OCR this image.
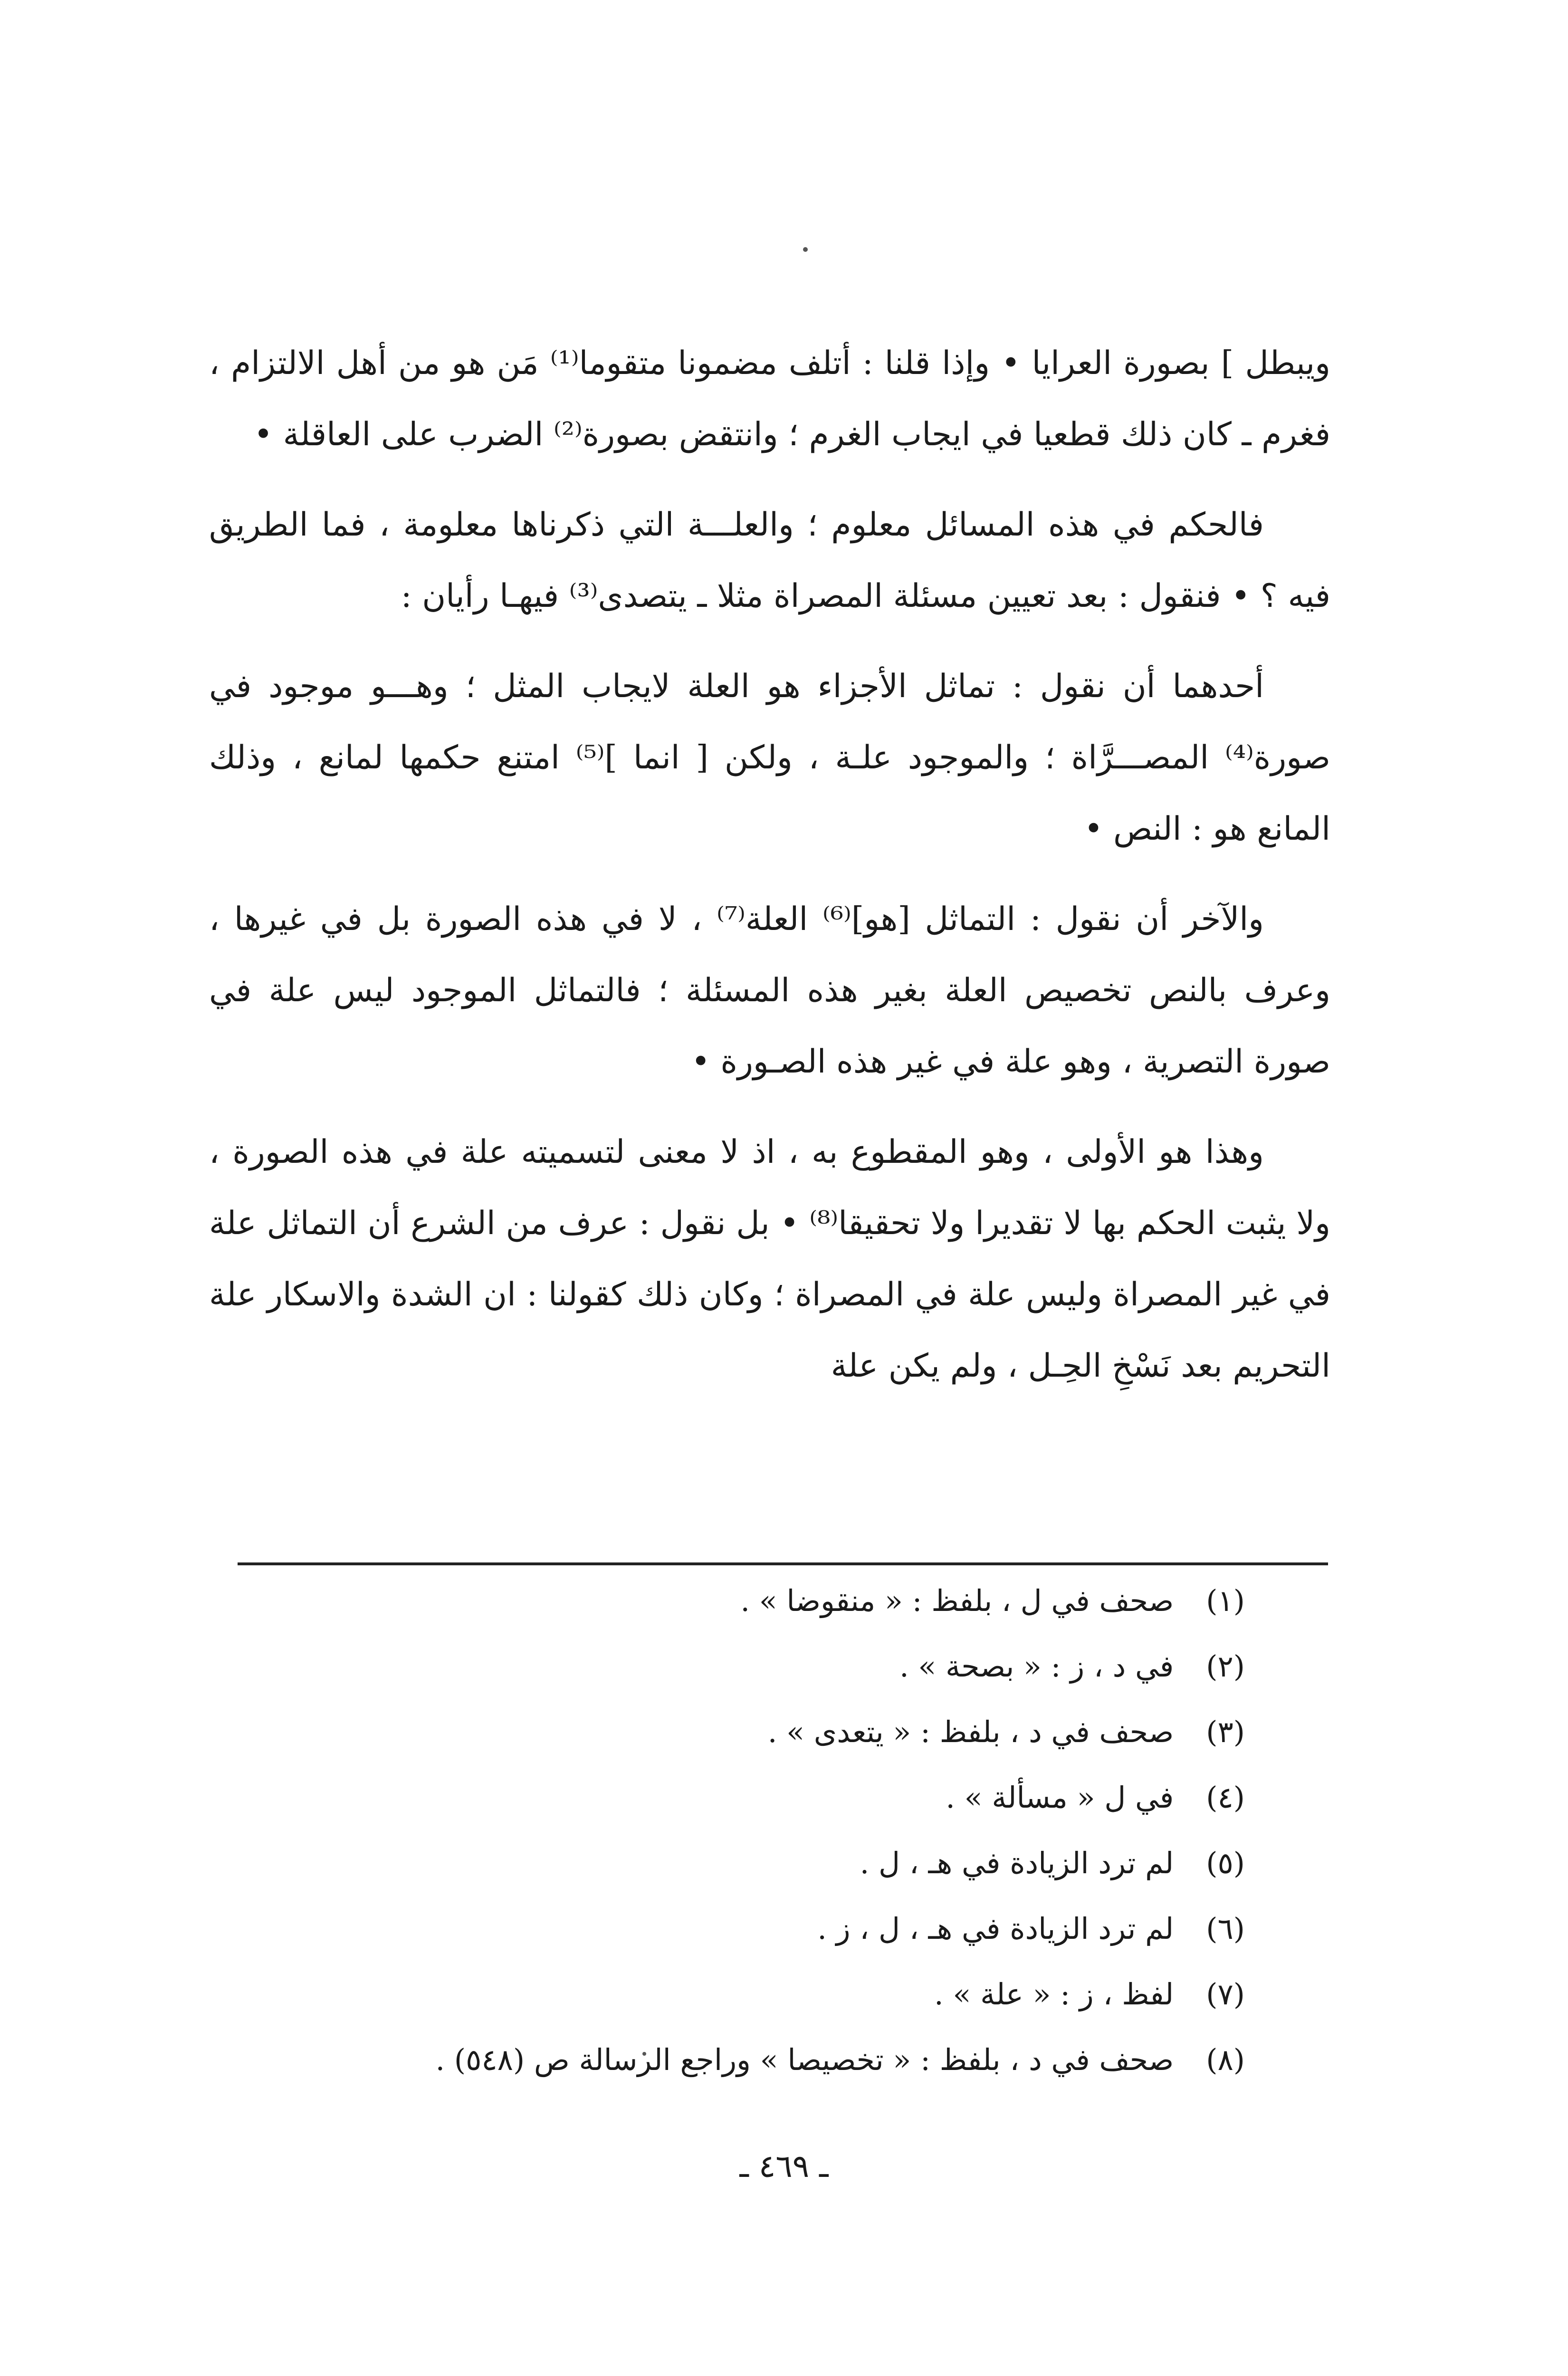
ويبطل ] بصورة العرايا • وإذا قلنا : أتلف مضمونا متقوما⁽¹⁾ مَن هو من أهل الالتزام ، فغرم ـ كان ذلك قطعيا في ايجاب الغرم ؛ وانتقض بصورة⁽²⁾ الضرب على العاقلة •

فالحكم في هذه المسائل معلوم ؛ والعلـــة التي ذكرناها معلومة ، فما الطريق فيه ؟ • فنقول : بعد تعيين مسئلة المصراة مثلا ـ يتصدى⁽³⁾ فيهـا رأيان :

أحدهما أن نقول : تماثل الأجزاء هو العلة لايجاب المثل ؛ وهـــو موجود في صورة⁽⁴⁾ المصـــرَّاة ؛ والموجود علـة ، ولكن [ انما ]⁽⁵⁾ امتنع حكمها لمانع ، وذلك المانع هو : النص •

والآخر أن نقول : التماثل [هو]⁽⁶⁾ العلة⁽⁷⁾ ، لا في هذه الصورة بل في غيرها ، وعرف بالنص تخصيص العلة بغير هذه المسئلة ؛ فالتماثل الموجود ليس علة في صورة التصرية ، وهو علة في غير هذه الصـورة •

وهذا هو الأولى ، وهو المقطوع به ، اذ لا معنى لتسميته علة في هذه الصورة ، ولا يثبت الحكم بها لا تقديرا ولا تحقيقا⁽⁸⁾ • بل نقول : عرف من الشرع أن التماثل علة في غير المصراة وليس علة في المصراة ؛ وكان ذلك كقولنا : ان الشدة والاسكار علة التحريم بعد نَسْخِ الحِـل ، ولم يكن علة

(١) صحف في ل ، بلفظ : « منقوضا » .
(٢) في د ، ز : « بصحة » .
(٣) صحف في د ، بلفظ : « يتعدى » .
(٤) في ل « مسألة » .
(٥) لم ترد الزيادة في هـ ، ل .
(٦) لم ترد الزيادة في هـ ، ل ، ز .
(٧) لفظ ، ز : « علة » .
(٨) صحف في د ، بلفظ : « تخصيصا » وراجع الرسالة ص (٥٤٨) .
ـ ٤٦٩ ـ
